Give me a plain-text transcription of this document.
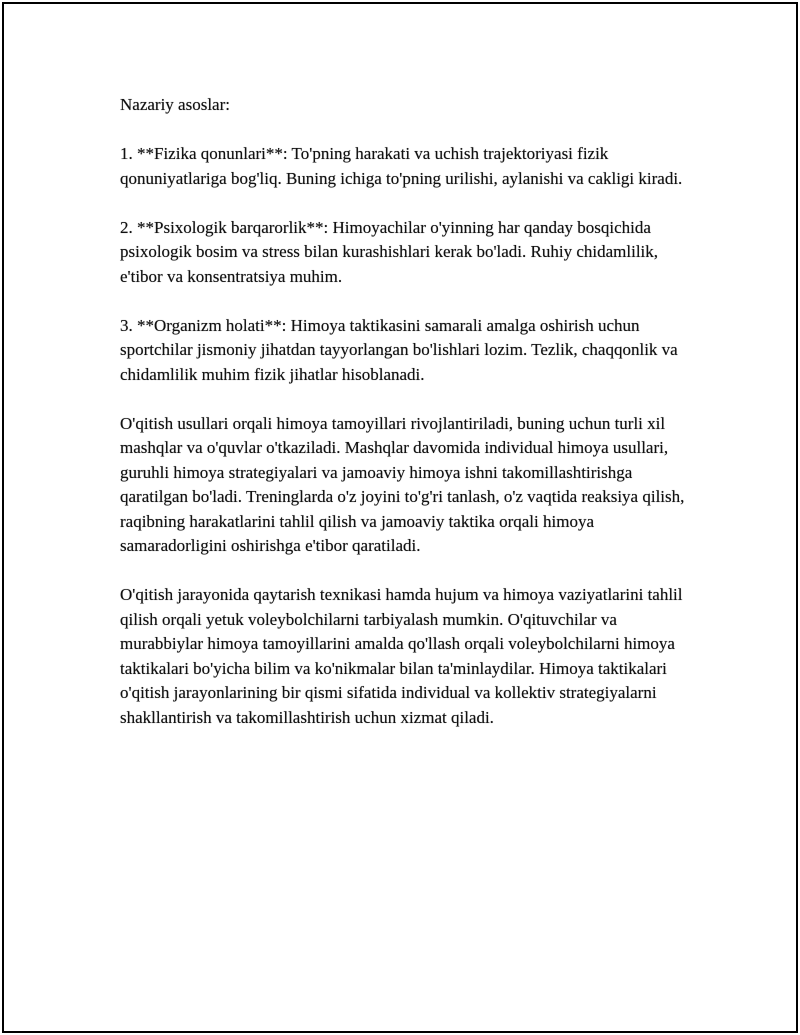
Nazariy asoslar:

1. **Fizika qonunlari**: To'pning harakati va uchish trajektoriyasi fizik qonuniyatlariga bog'liq. Buning ichiga to'pning urilishi, aylanishi va cakligi kiradi.

2. **Psixologik barqarorlik**: Himoyachilar o'yinning har qanday bosqichida psixologik bosim va stress bilan kurashishlari kerak bo'ladi. Ruhiy chidamlilik, e'tibor va konsentratsiya muhim.

3. **Organizm holati**: Himoya taktikasini samarali amalga oshirish uchun sportchilar jismoniy jihatdan tayyorlangan bo'lishlari lozim. Tezlik, chaqqonlik va chidamlilik muhim fizik jihatlar hisoblanadi.

O'qitish usullari orqali himoya tamoyillari rivojlantiriladi, buning uchun turli xil mashqlar va o'quvlar o'tkaziladi. Mashqlar davomida individual himoya usullari, guruhli himoya strategiyalari va jamoaviy himoya ishni takomillashtirishga qaratilgan bo'ladi. Treninglarda o'z joyini to'g'ri tanlash, o'z vaqtida reaksiya qilish, raqibning harakatlarini tahlil qilish va jamoaviy taktika orqali himoya samaradorligini oshirishga e'tibor qaratiladi.

O'qitish jarayonida qaytarish texnikasi hamda hujum va himoya vaziyatlarini tahlil qilish orqali yetuk voleybolchilarni tarbiyalash mumkin. O'qituvchilar va murabbiylar himoya tamoyillarini amalda qo'llash orqali voleybolchilarni himoya taktikalari bo'yicha bilim va ko'nikmalar bilan ta'minlaydilar. Himoya taktikalari o'qitish jarayonlarining bir qismi sifatida individual va kollektiv strategiyalarni shakllantirish va takomillashtirish uchun xizmat qiladi.
